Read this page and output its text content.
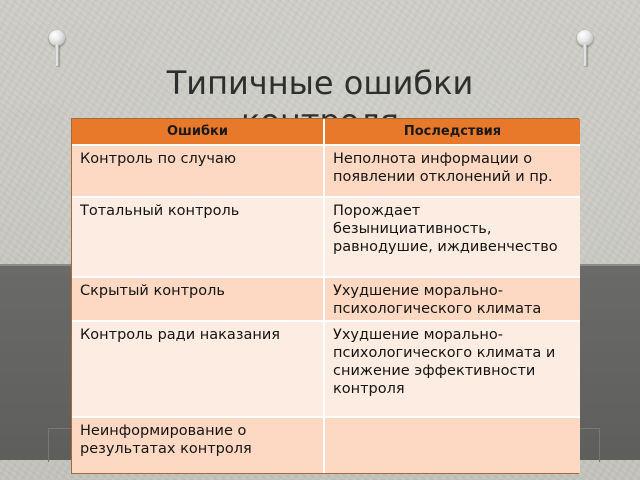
Типичные ошибки
Ошибки	Последствия
Контроль по случаю	Неполнота информации о появлении отклонений и пр.
Тотальный контроль	Порождает безынициативность, равнодушие, иждивенчество
Скрытый контроль	Ухудшение морально-психологического климата
Контроль ради наказания	Ухудшение морально-психологического климата и снижение эффективности контроля
Неинформирование о результатах контроля	
